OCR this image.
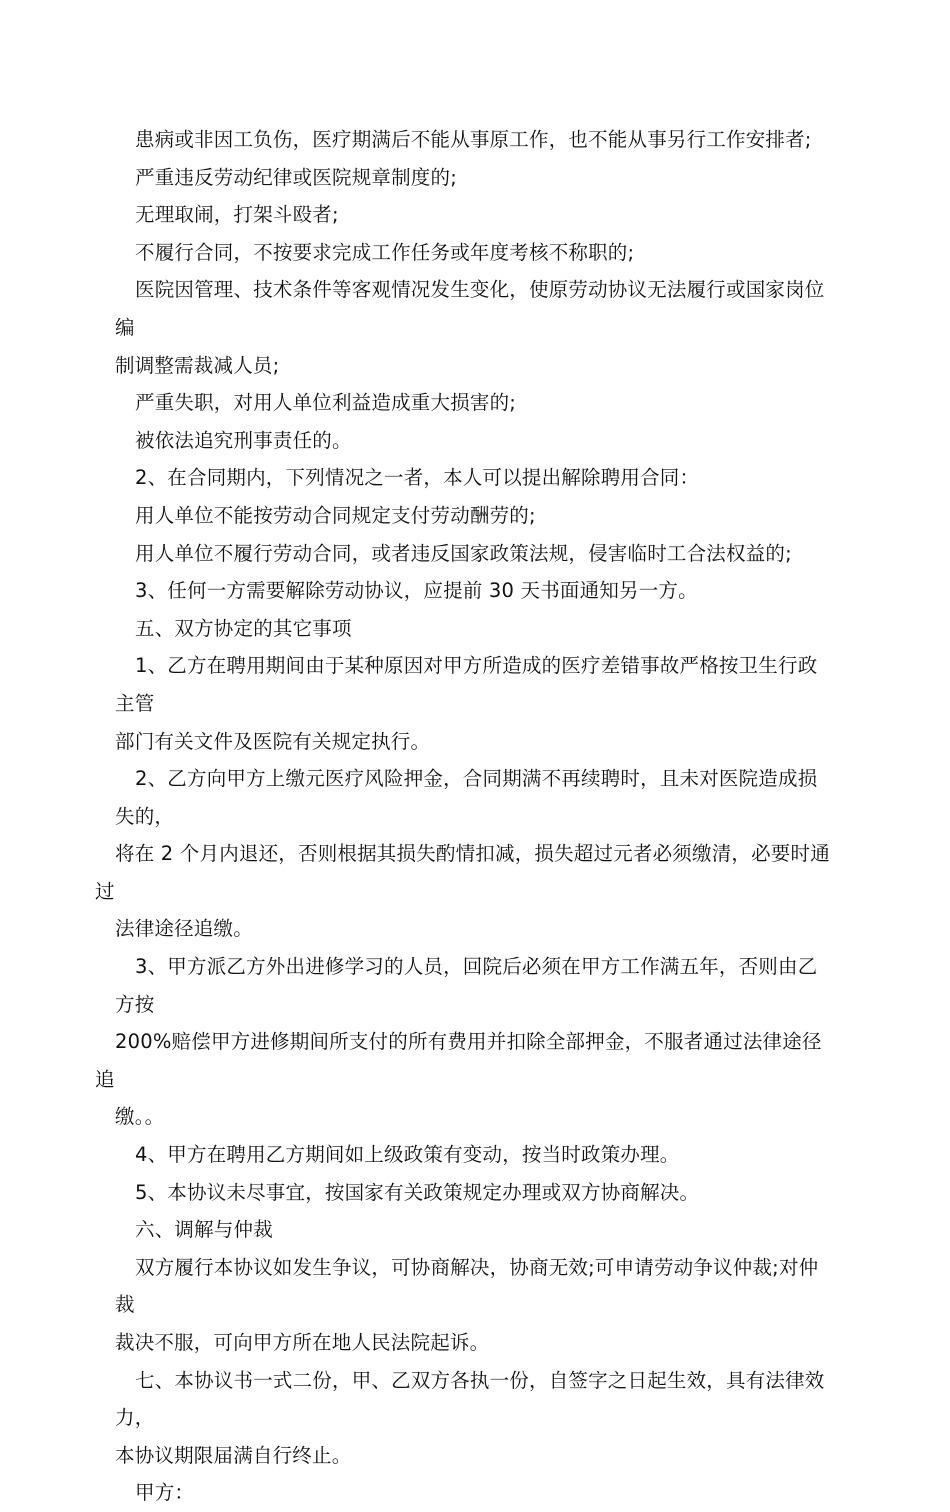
患病或非因工负伤，医疗期满后不能从事原工作，也不能从事另行工作安排者;

严重违反劳动纪律或医院规章制度的;

无理取闹，打架斗殴者;

不履行合同，不按要求完成工作任务或年度考核不称职的;

医院因管理、技术条件等客观情况发生变化，使原劳动协议无法履行或国家岗位编
制调整需裁减人员;

严重失职，对用人单位利益造成重大损害的;

被依法追究刑事责任的。

2、在合同期内，下列情况之一者，本人可以提出解除聘用合同：

用人单位不能按劳动合同规定支付劳动酬劳的;

用人单位不履行劳动合同，或者违反国家政策法规，侵害临时工合法权益的;

3、任何一方需要解除劳动协议，应提前 30 天书面通知另一方。

五、双方协定的其它事项

1、乙方在聘用期间由于某种原因对甲方所造成的医疗差错事故严格按卫生行政主管
部门有关文件及医院有关规定执行。

2、乙方向甲方上缴元医疗风险押金，合同期满不再续聘时，且未对医院造成损失的，
将在 2 个月内退还，否则根据其损失酌情扣减，损失超过元者必须缴清，必要时通过
法律途径追缴。

3、甲方派乙方外出进修学习的人员，回院后必须在甲方工作满五年，否则由乙方按
200%赔偿甲方进修期间所支付的所有费用并扣除全部押金，不服者通过法律途径追
缴。。

4、甲方在聘用乙方期间如上级政策有变动，按当时政策办理。

5、本协议未尽事宜，按国家有关政策规定办理或双方协商解决。

六、调解与仲裁

双方履行本协议如发生争议，可协商解决，协商无效;可申请劳动争议仲裁;对仲裁
裁决不服，可向甲方所在地人民法院起诉。

七、本协议书一式二份，甲、乙双方各执一份，自签字之日起生效，具有法律效力，
本协议期限届满自行终止。

甲方：
